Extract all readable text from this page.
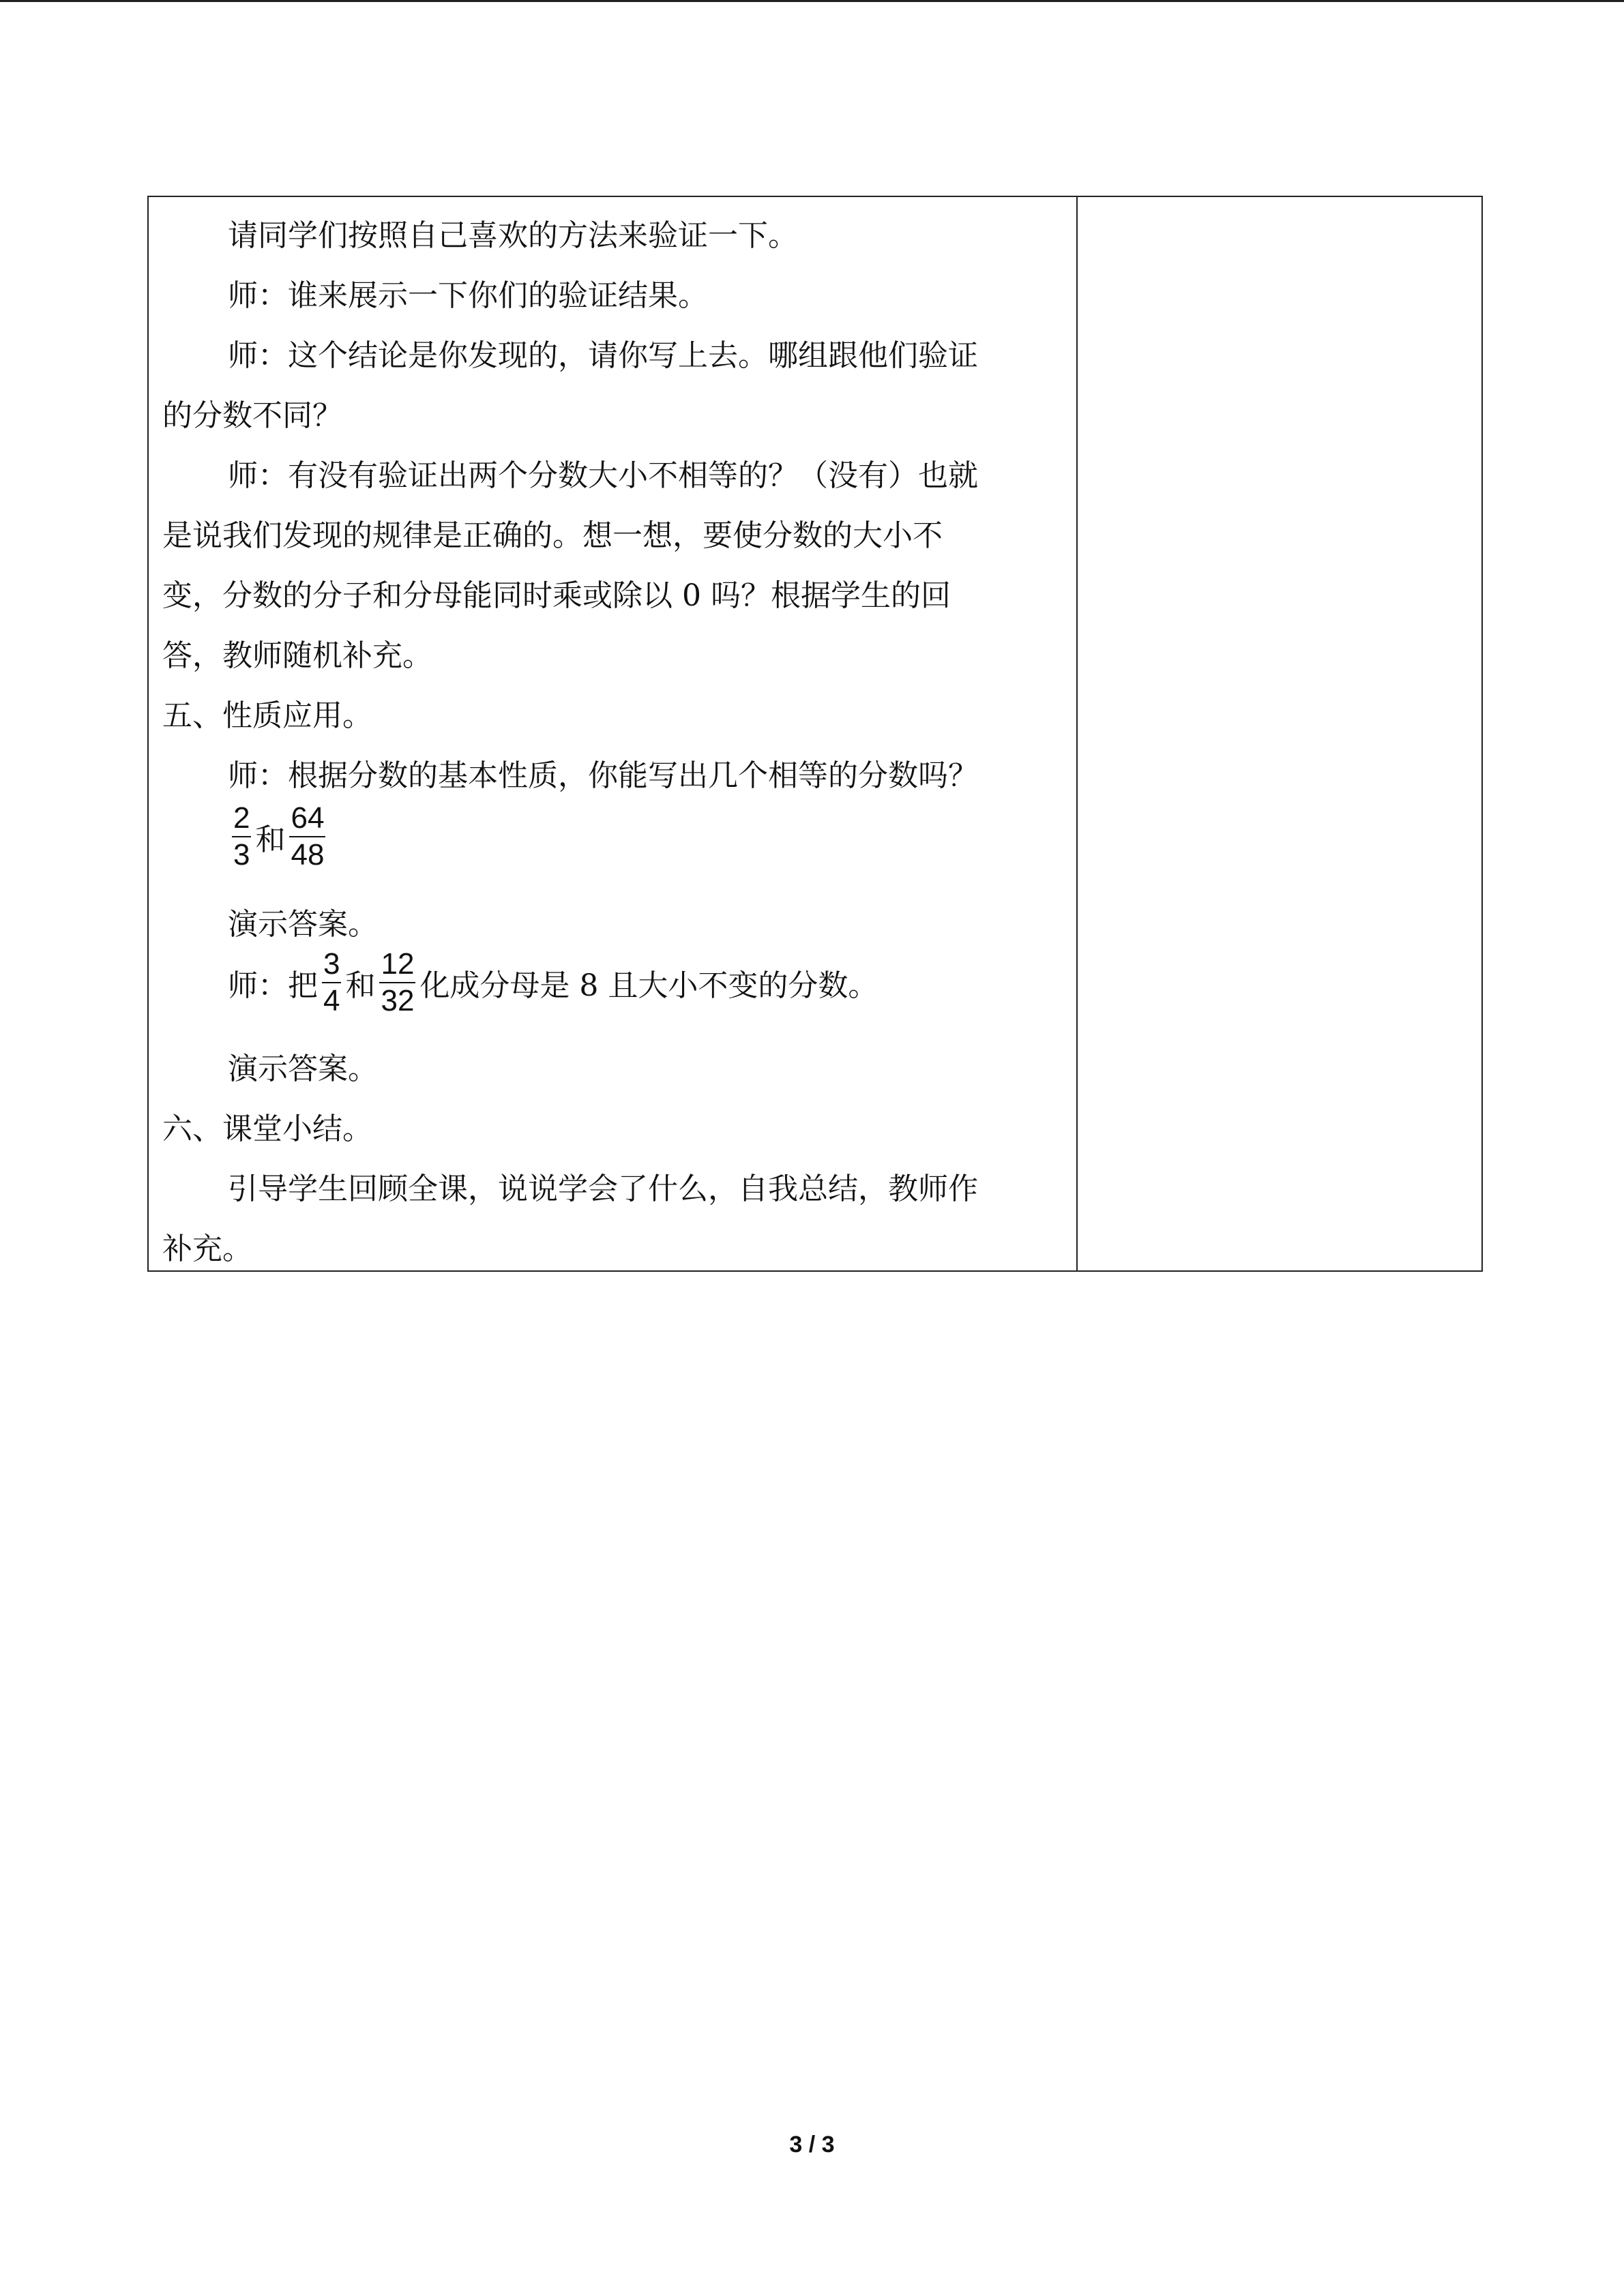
请同学们按照自己喜欢的方法来验证一下。
师：谁来展示一下你们的验证结果。
师：这个结论是你发现的，请你写上去。哪组跟他们验证
的分数不同？
师：有没有验证出两个分数大小不相等的？（没有）也就
是说我们发现的规律是正确的。想一想，要使分数的大小不
变，分数的分子和分母能同时乘或除以 0 吗？根据学生的回
答，教师随机补充。
五、性质应用。
师：根据分数的基本性质，你能写出几个相等的分数吗？
$\frac{2}{3}$ 和 $\frac{64}{48}$
演示答案。
师：把 $\frac{3}{4}$ 和 $\frac{12}{32}$ 化成分母是 8 且大小不变的分数。
演示答案。
六、课堂小结。
引导学生回顾全课，说说学会了什么，自我总结，教师作
补充。
3 / 3
